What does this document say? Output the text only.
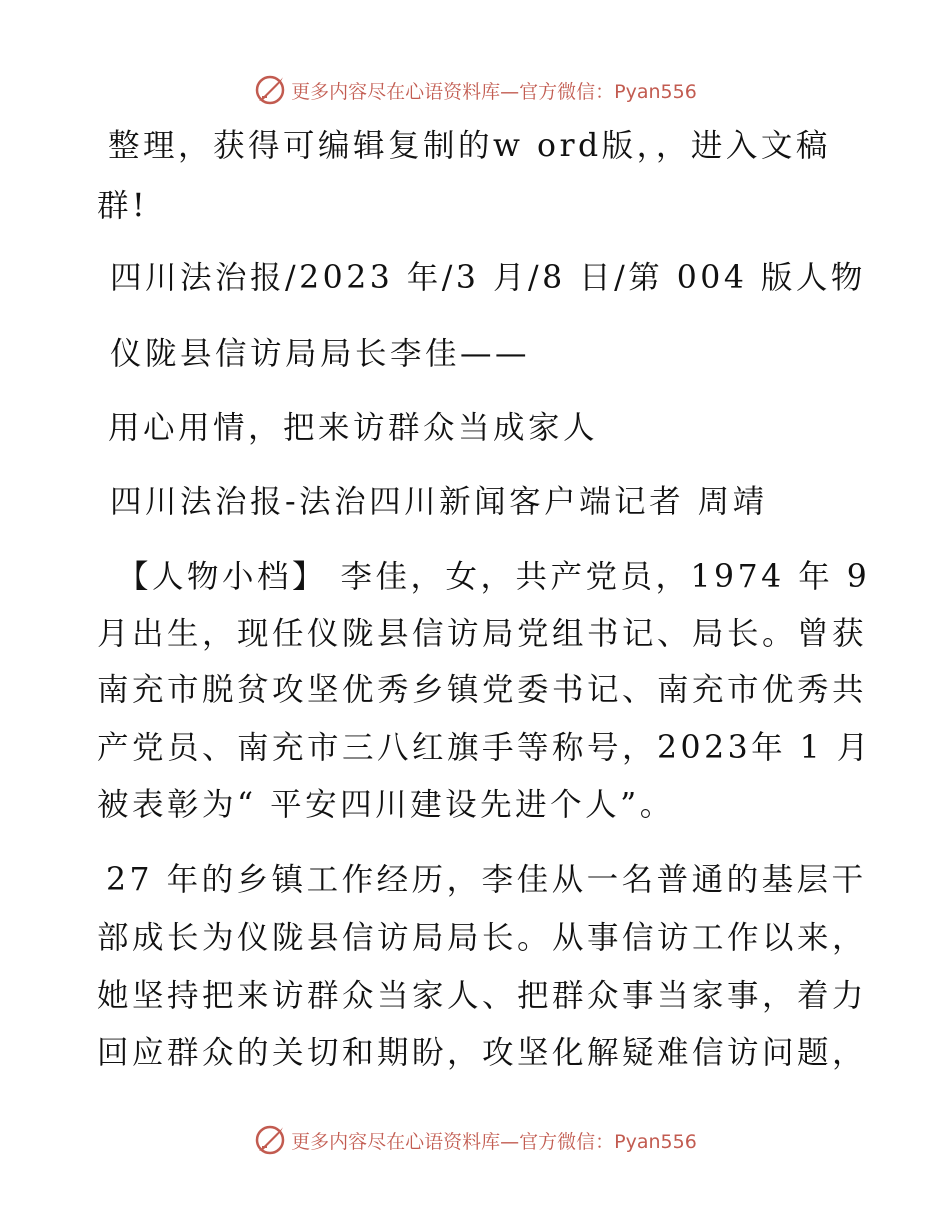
更多内容尽在心语资料库—官方微信：Pyan556
整理，获得可编辑复制的w ord版，，进入文稿
群!
四川法治报/2023 年/3 月/8 日/第 004 版人物
仪陇县信访局局长李佳——
用心用情，把来访群众当成家人
四川法治报-法治四川新闻客户端记者 周靖
【人物小档】 李佳，女，共产党员，1974 年 9
月出生，现任仪陇县信访局党组书记、局长。曾获
南充市脱贫攻坚优秀乡镇党委书记、南充市优秀共
产党员、南充市三八红旗手等称号，2023年 1 月
被表彰为“ 平安四川建设先进个人”。
27 年的乡镇工作经历，李佳从一名普通的基层干
部成长为仪陇县信访局局长。从事信访工作以来，
她坚持把来访群众当家人、把群众事当家事，着力
回应群众的关切和期盼，攻坚化解疑难信访问题，
更多内容尽在心语资料库—官方微信：Pyan556
